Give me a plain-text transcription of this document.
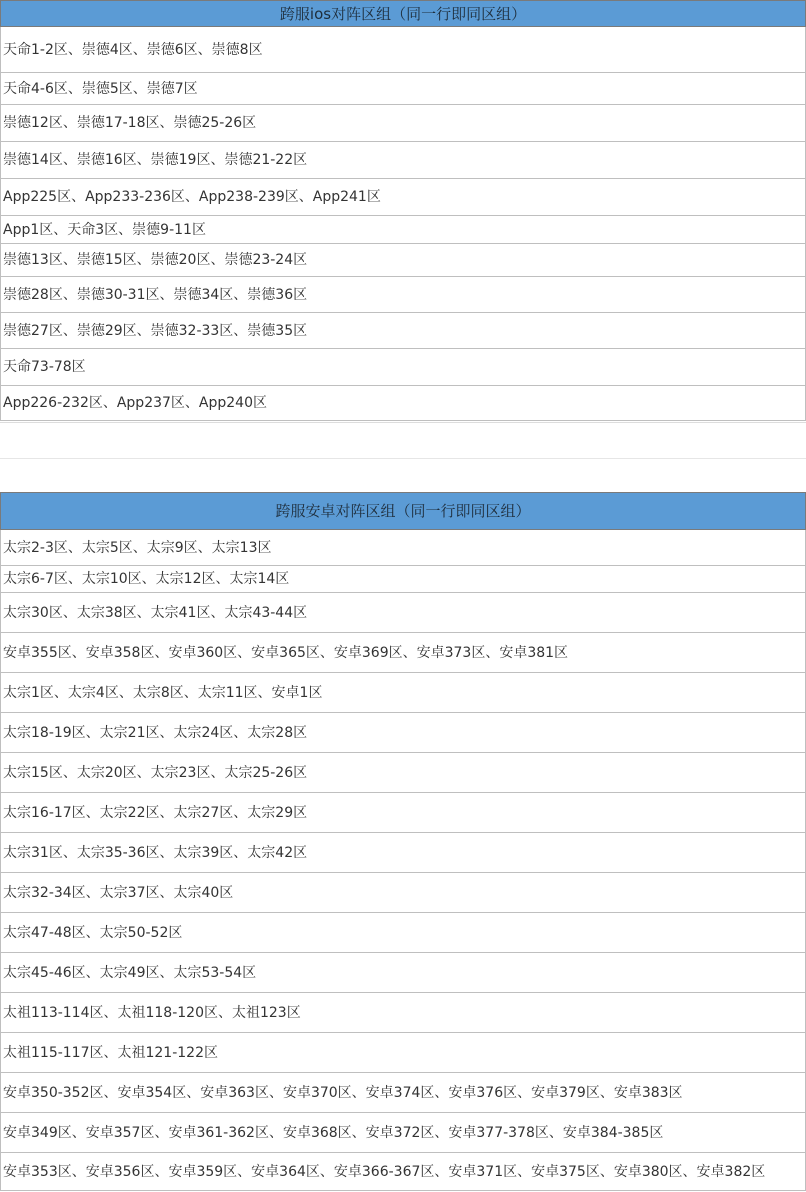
跨服ios对阵区组（同一行即同区组）
天命1-2区、崇德4区、崇德6区、崇德8区
天命4-6区、崇德5区、崇德7区
崇德12区、崇德17-18区、崇德25-26区
崇德14区、崇德16区、崇德19区、崇德21-22区
App225区、App233-236区、App238-239区、App241区
App1区、天命3区、崇德9-11区
崇德13区、崇德15区、崇德20区、崇德23-24区
崇德28区、崇德30-31区、崇德34区、崇德36区
崇德27区、崇德29区、崇德32-33区、崇德35区
天命73-78区
App226-232区、App237区、App240区
跨服安卓对阵区组（同一行即同区组）
太宗2-3区、太宗5区、太宗9区、太宗13区
太宗6-7区、太宗10区、太宗12区、太宗14区
太宗30区、太宗38区、太宗41区、太宗43-44区
安卓355区、安卓358区、安卓360区、安卓365区、安卓369区、安卓373区、安卓381区
太宗1区、太宗4区、太宗8区、太宗11区、安卓1区
太宗18-19区、太宗21区、太宗24区、太宗28区
太宗15区、太宗20区、太宗23区、太宗25-26区
太宗16-17区、太宗22区、太宗27区、太宗29区
太宗31区、太宗35-36区、太宗39区、太宗42区
太宗32-34区、太宗37区、太宗40区
太宗47-48区、太宗50-52区
太宗45-46区、太宗49区、太宗53-54区
太祖113-114区、太祖118-120区、太祖123区
太祖115-117区、太祖121-122区
安卓350-352区、安卓354区、安卓363区、安卓370区、安卓374区、安卓376区、安卓379区、安卓383区
安卓349区、安卓357区、安卓361-362区、安卓368区、安卓372区、安卓377-378区、安卓384-385区
安卓353区、安卓356区、安卓359区、安卓364区、安卓366-367区、安卓371区、安卓375区、安卓380区、安卓382区
